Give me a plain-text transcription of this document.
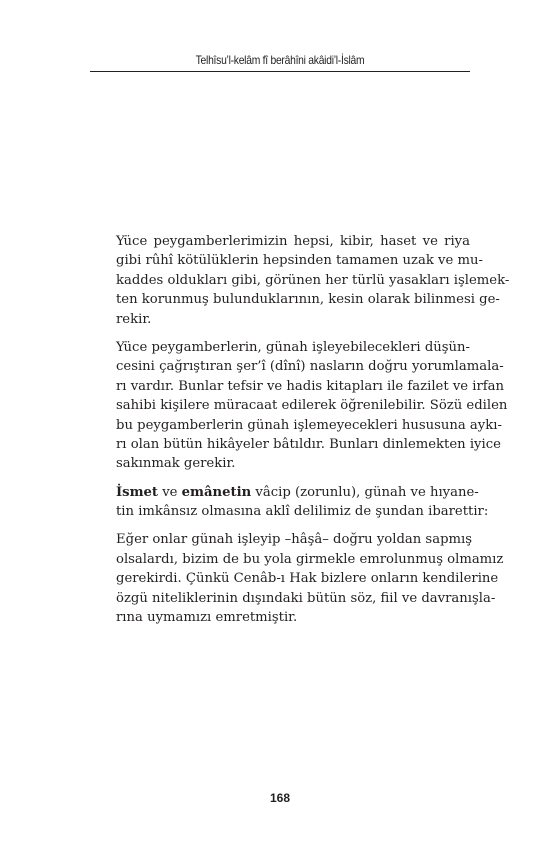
Telhîsu’l-kelâm fî berâhîni akâidi’l-İslâm

Yüce peygamberlerimizin hepsi, kibir, haset ve riya
gibi rûhî kötülüklerin hepsinden tamamen uzak ve mu-
kaddes oldukları gibi, görünen her türlü yasakları işlemek-
ten korunmuş bulunduklarının, kesin olarak bilinmesi ge-
rekir.

Yüce peygamberlerin, günah işleyebilecekleri düşün-
cesini çağrıştıran şer’î (dînî) nasların doğru yorumlamala-
rı vardır. Bunlar tefsir ve hadis kitapları ile fazilet ve irfan
sahibi kişilere müracaat edilerek öğrenilebilir. Sözü edilen
bu peygamberlerin günah işlemeyecekleri hususuna aykı-
rı olan bütün hikâyeler bâtıldır. Bunları dinlemekten iyice
sakınmak gerekir.

İsmet ve emânetin vâcip (zorunlu), günah ve hıyane-
tin imkânsız olmasına aklî delilimiz de şundan ibarettir:

Eğer onlar günah işleyip –hâşâ– doğru yoldan sapmış
olsalardı, bizim de bu yola girmekle emrolunmuş olmamız
gerekirdi. Çünkü Cenâb-ı Hak bizlere onların kendilerine
özgü niteliklerinin dışındaki bütün söz, fiil ve davranışla-
rına uymamızı emretmiştir.

168
